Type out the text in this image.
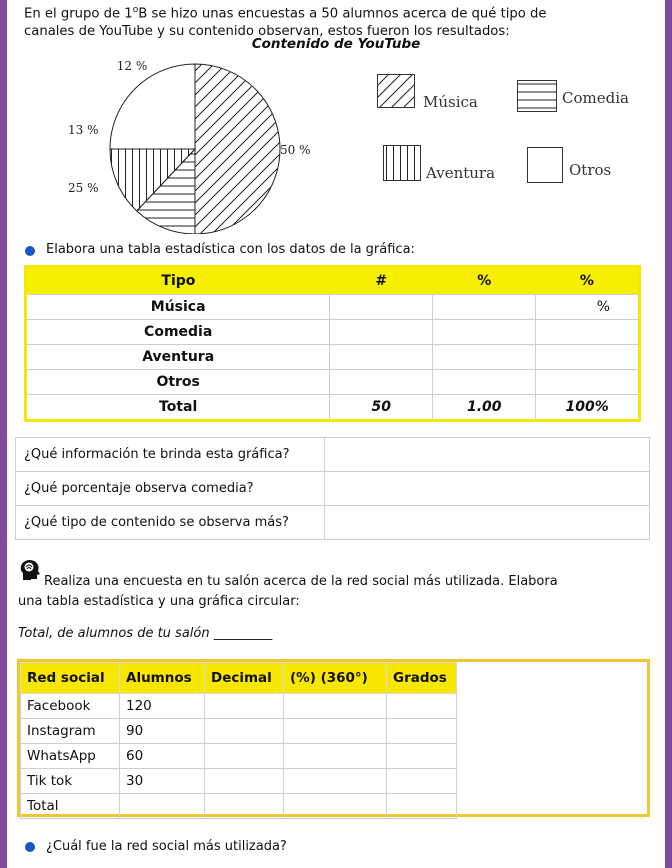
En el grupo de 1$^o$B se hizo unas encuestas a 50 alumnos acerca de qué tipo de
canales de YouTube y su contenido observan, estos fueron los resultados:
Contenido de YouTube
50 %
12 %
13 %
25 %
Música	Comedia
Aventura	Otros
Elabora una tabla estadística con los datos de la gráfica:
Tipo	#	%	%
Música			%
Comedia			
Aventura			
Otros			
Total	50	1.00	100%
¿Qué información te brinda esta gráfica?	
¿Qué porcentaje observa comedia?	
¿Qué tipo de contenido se observa más?	
Realiza una encuesta en tu salón acerca de la red social más utilizada. Elabora
una tabla estadística y una gráfica circular:
Total, de alumnos de tu salón _________
Red social	Alumnos	Decimal	(%) (360°)	Grados
Facebook	120			
Instagram	90			
WhatsApp	60			
Tik tok	30			
Total				
¿Cuál fue la red social más utilizada?
